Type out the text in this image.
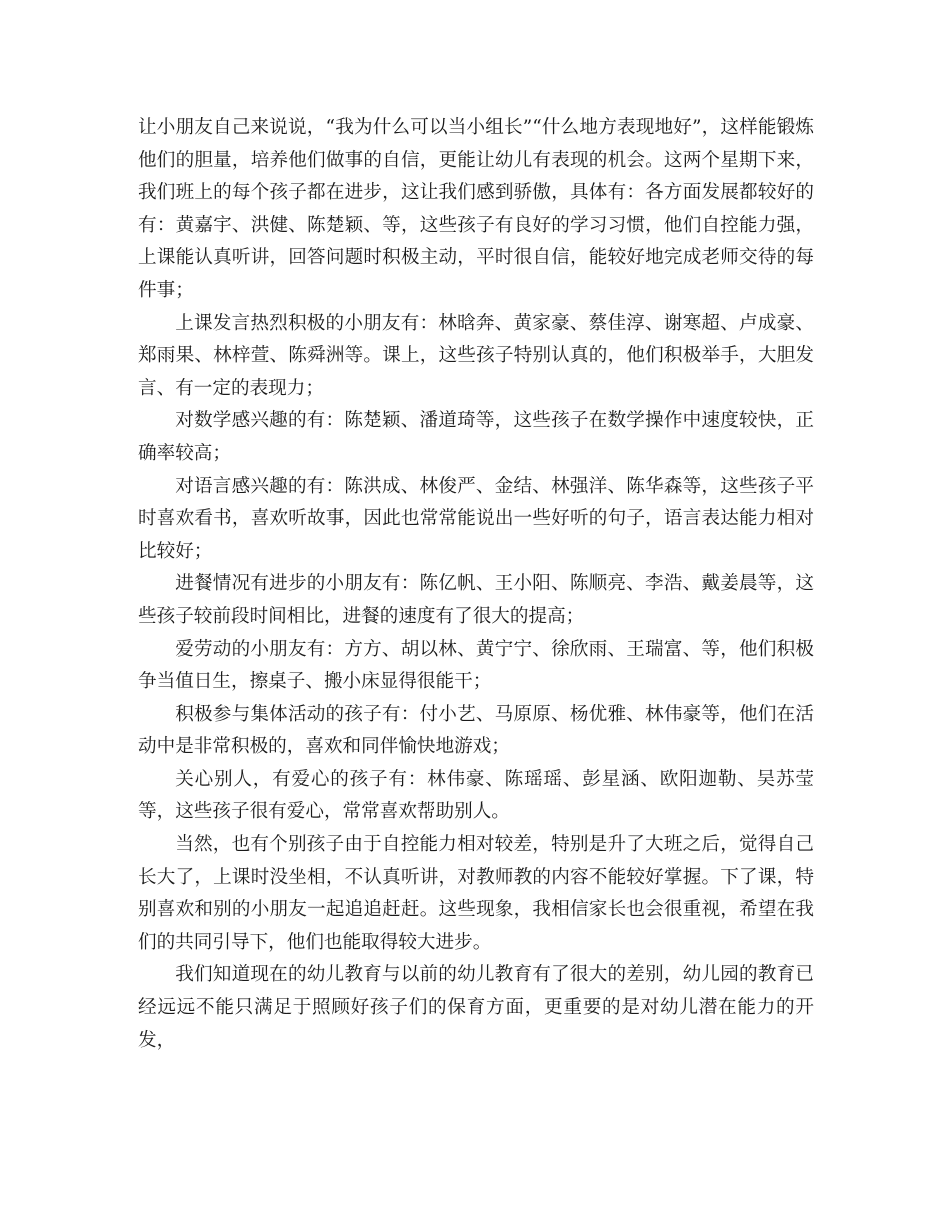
让小朋友自己来说说，“我为什么可以当小组长”“什么地方表现地好”，这样能锻炼他们的胆量，培养他们做事的自信，更能让幼儿有表现的机会。这两个星期下来，我们班上的每个孩子都在进步，这让我们感到骄傲，具体有：各方面发展都较好的有：黄嘉宇、洪健、陈楚颖、等，这些孩子有良好的学习习惯，他们自控能力强，上课能认真听讲，回答问题时积极主动，平时很自信，能较好地完成老师交待的每件事；

上课发言热烈积极的小朋友有：林晗奔、黄家豪、蔡佳淳、谢寒超、卢成豪、郑雨果、林梓萱、陈舜洲等。课上，这些孩子特别认真的，他们积极举手，大胆发言、有一定的表现力；

对数学感兴趣的有：陈楚颖、潘道琦等，这些孩子在数学操作中速度较快，正确率较高；

对语言感兴趣的有：陈洪成、林俊严、金结、林强洋、陈华森等，这些孩子平时喜欢看书，喜欢听故事，因此也常常能说出一些好听的句子，语言表达能力相对比较好；

进餐情况有进步的小朋友有：陈亿帆、王小阳、陈顺亮、李浩、戴姜晨等，这些孩子较前段时间相比，进餐的速度有了很大的提高；

爱劳动的小朋友有：方方、胡以林、黄宁宁、徐欣雨、王瑞富、等，他们积极争当值日生，擦桌子、搬小床显得很能干；

积极参与集体活动的孩子有：付小艺、马原原、杨优雅、林伟豪等，他们在活动中是非常积极的，喜欢和同伴愉快地游戏；

关心别人，有爱心的孩子有：林伟豪、陈瑶瑶、彭星涵、欧阳迦勒、吴苏莹等，这些孩子很有爱心，常常喜欢帮助别人。

当然，也有个别孩子由于自控能力相对较差，特别是升了大班之后，觉得自己长大了，上课时没坐相，不认真听讲，对教师教的内容不能较好掌握。下了课，特别喜欢和别的小朋友一起追追赶赶。这些现象，我相信家长也会很重视，希望在我们的共同引导下，他们也能取得较大进步。

我们知道现在的幼儿教育与以前的幼儿教育有了很大的差别，幼儿园的教育已经远远不能只满足于照顾好孩子们的保育方面，更重要的是对幼儿潜在能力的开发，
